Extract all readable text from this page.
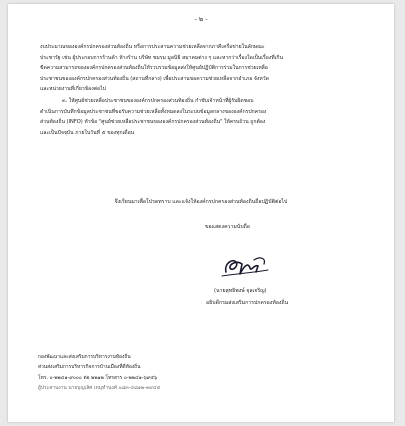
- ๒ -
งบประมาณขององค์กรปกครองส่วนท้องถิ่น หรือการประสานความช่วยเหลือจากภาคีเครือข่ายในลักษณะ
ประชารัฐ เช่น ผู้ประกอบการร้านค้า ห้างร้าน บริษัท ชมรม มูลนิธิ สมาคมต่าง ๆ และหากว่าเรื่องใดเป็นเรื่องที่เกิน
ขีดความสามารถขององค์กรปกครองส่วนท้องถิ่นให้รวบรวมข้อมูลส่งให้ศูนย์ปฏิบัติการร่วมในการช่วยเหลือ
ประชาชนขององค์กรปกครองส่วนท้องถิ่น (สถานที่กลาง) เพื่อประสานขอความช่วยเหลือจากอำเภอ จังหวัด
และหน่วยงานที่เกี่ยวข้องต่อไป
๓. ให้ศูนย์ช่วยเหลือประชาชนขององค์กรปกครองส่วนท้องถิ่น กำชับเจ้าหน้าที่ผู้รับผิดชอบ
ดำเนินการบันทึกข้อมูลประชาชนที่ขอรับความช่วยเหลือทั้งหมดลงในระบบข้อมูลกลางขององค์กรปกครอง
ส่วนท้องถิ่น (INFO) หัวข้อ "ศูนย์ช่วยเหลือประชาชนขององค์กรปกครองส่วนท้องถิ่น" ให้ครบถ้วน ถูกต้อง
และเป็นปัจจุบัน ภายในวันที่ ๕ ของทุกเดือน
จึงเรียนมาเพื่อโปรดทราบ และแจ้งให้องค์กรปกครองส่วนท้องถิ่นถือปฏิบัติต่อไป
ขอแสดงความนับถือ
(นายสุทธิพงษ์ จุลเจริญ)
อธิบดีกรมส่งเสริมการปกครองท้องถิ่น
กองพัฒนาและส่งเสริมการบริหารงานท้องถิ่น
ส่วนส่งเสริมการบริหารกิจการบ้านเมืองที่ดีท้องถิ่น
โทร. ๐-๒๒๔๑-๙๐๐๐ ต่อ ๒๒๑๒ โทรสาร ๐-๒๒๔๑-๖๙๕๖
ผู้ประสานงาน นายบุญเลิศ เหมุทำนงค์ ๐๘๓-๔๘๑๒-๓๙๔๕
